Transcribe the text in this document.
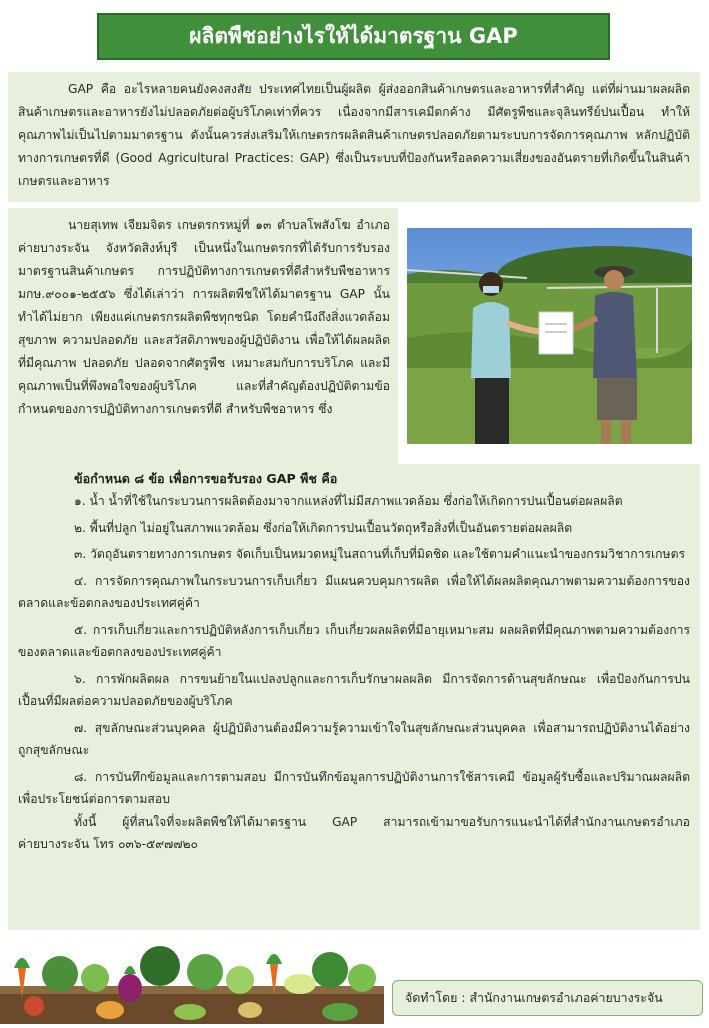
ผลิตพืชอย่างไรให้ได้มาตรฐาน GAP

GAP คือ อะไรหลายคนยังคงสงสัย ประเทศไทยเป็นผู้ผลิต ผู้ส่งออกสินค้าเกษตรและอาหารที่สำคัญ แต่ที่ผ่านมาผลผลิตสินค้าเกษตรและอาหารยังไม่ปลอดภัยต่อผู้บริโภคเท่าที่ควร เนื่องจากมีสารเคมีตกค้าง มีศัตรูพืชและจุลินทรีย์ปนเปื้อน ทำให้คุณภาพไม่เป็นไปตามมาตรฐาน ดังนั้นควรส่งเสริมให้เกษตรกรผลิตสินค้าเกษตรปลอดภัยตามระบบการจัดการคุณภาพ หลักปฏิบัติทางการเกษตรที่ดี (Good Agricultural Practices: GAP) ซึ่งเป็นระบบที่ป้องกันหรือลดความเสี่ยงของอันตรายที่เกิดขึ้นในสินค้าเกษตรและอาหาร

นายสุเทพ เจียมจิตร เกษตรกรหมู่ที่ ๑๓ ตำบลโพสังโฆ อำเภอค่ายบางระจัน จังหวัดสิงห์บุรี เป็นหนึ่งในเกษตรกรที่ได้รับการรับรองมาตรฐานสินค้าเกษตร การปฏิบัติทางการเกษตรที่ดีสำหรับพืชอาหาร มกษ.๙๐๐๑-๒๕๕๖ ซึ่งได้เล่าว่า การผลิตพืชให้ได้มาตรฐาน GAP นั้น ทำได้ไม่ยาก เพียงแค่เกษตรกรผลิตพืชทุกชนิด โดยคำนึงถึงสิ่งแวดล้อม สุขภาพ ความปลอดภัย และสวัสดิภาพของผู้ปฏิบัติงาน เพื่อให้ได้ผลผลิตที่มีคุณภาพ ปลอดภัย ปลอดจากศัตรูพืช เหมาะสมกับการบริโภค และมีคุณภาพเป็นที่พึงพอใจของผู้บริโภค และที่สำคัญต้องปฏิบัติตามข้อกำหนดของการปฏิบัติทางการเกษตรที่ดี สำหรับพืชอาหาร ซึ่ง

ข้อกำหนด ๘ ข้อ เพื่อการขอรับรอง GAP พืช คือ

๑. น้ำ น้ำที่ใช้ในกระบวนการผลิตต้องมาจากแหล่งที่ไม่มีสภาพแวดล้อม ซึ่งก่อให้เกิดการปนเปื้อนต่อผลผลิต

๒. พื้นที่ปลูก ไม่อยู่ในสภาพแวดล้อม ซึ่งก่อให้เกิดการปนเปื้อนวัตถุหรือสิ่งที่เป็นอันตรายต่อผลผลิต

๓. วัตถุอันตรายทางการเกษตร จัดเก็บเป็นหมวดหมู่ในสถานที่เก็บที่มิดชิด และใช้ตามคำแนะนำของกรมวิชาการเกษตร

๔. การจัดการคุณภาพในกระบวนการเก็บเกี่ยว มีแผนควบคุมการผลิต เพื่อให้ได้ผลผลิตคุณภาพตามความต้องการของตลาดและข้อตกลงของประเทศคู่ค้า

๕. การเก็บเกี่ยวและการปฏิบัติหลังการเก็บเกี่ยว เก็บเกี่ยวผลผลิตที่มีอายุเหมาะสม ผลผลิตที่มีคุณภาพตามความต้องการของตลาดและข้อตกลงของประเทศคู่ค้า

๖. การพักผลิตผล การขนย้ายในแปลงปลูกและการเก็บรักษาผลผลิต มีการจัดการด้านสุขลักษณะ เพื่อป้องกันการปนเปื้อนที่มีผลต่อความปลอดภัยของผู้บริโภค

๗. สุขลักษณะส่วนบุคคล ผู้ปฏิบัติงานต้องมีความรู้ความเข้าใจในสุขลักษณะส่วนบุคคล เพื่อสามารถปฏิบัติงานได้อย่างถูกสุขลักษณะ

๘. การบันทึกข้อมูลและการตามสอบ มีการบันทึกข้อมูลการปฏิบัติงานการใช้สารเคมี ข้อมูลผู้รับซื้อและปริมาณผลผลิต เพื่อประโยชน์ต่อการตามสอบ

ทั้งนี้ ผู้ที่สนใจที่จะผลิตพืชให้ได้มาตรฐาน GAP สามารถเข้ามาขอรับการแนะนำได้ที่สำนักงานเกษตรอำเภอค่ายบางระจัน โทร ๐๓๖-๕๙๗๗๒๐

จัดทำโดย : สำนักงานเกษตรอำเภอค่ายบางระจัน
